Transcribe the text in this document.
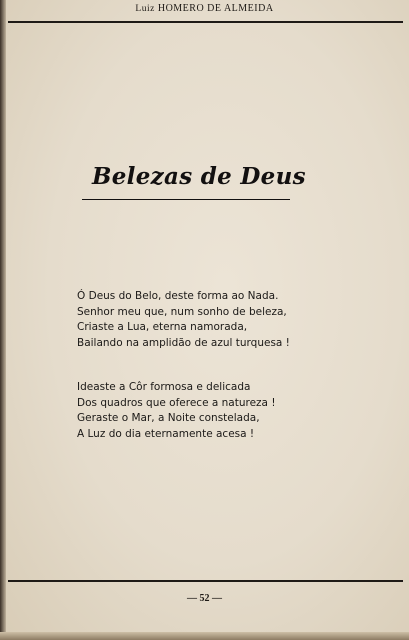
Luiz HOMERO DE ALMEIDA
Belezas de Deus
Ó Deus do Belo, deste forma ao Nada.
Senhor meu que, num sonho de beleza,
Criaste a Lua, eterna namorada,
Bailando na amplidão de azul turquesa !
Ideaste a Côr formosa e delicada
Dos quadros que oferece a natureza !
Geraste o Mar, a Noite constelada,
A Luz do dia eternamente acesa !
— 52 —
